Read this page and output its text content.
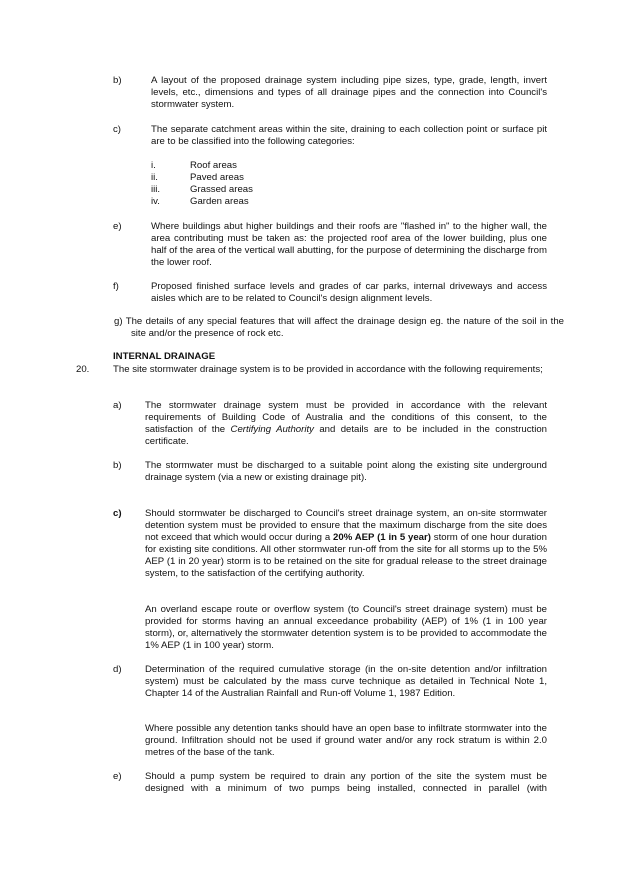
b)	A layout of the proposed drainage system including pipe sizes, type, grade, length, invert levels, etc., dimensions and types of all drainage pipes and the connection into Council's stormwater system.
c)	The separate catchment areas within the site, draining to each collection point or surface pit are to be classified into the following categories:
i.	Roof areas
ii.	Paved areas
iii.	Grassed areas
iv.	Garden areas
e)	Where buildings abut higher buildings and their roofs are "flashed in" to the higher wall, the area contributing must be taken as: the projected roof area of the lower building, plus one half of the area of the vertical wall abutting, for the purpose of determining the discharge from the lower roof.
f)	Proposed finished surface levels and grades of car parks, internal driveways and access aisles which are to be related to Council's design alignment levels.
g) The details of any special features that will affect the drainage design eg. the nature of the soil in the site and/or the presence of rock etc.
INTERNAL DRAINAGE
20. The site stormwater drainage system is to be provided in accordance with the following requirements;
a) The stormwater drainage system must be provided in accordance with the relevant requirements of Building Code of Australia and the conditions of this consent, to the satisfaction of the Certifying Authority and details are to be included in the construction certificate.
b) The stormwater must be discharged to a suitable point along the existing site underground drainage system (via a new or existing drainage pit).
c) Should stormwater be discharged to Council's street drainage system, an on-site stormwater detention system must be provided to ensure that the maximum discharge from the site does not exceed that which would occur during a 20% AEP (1 in 5 year) storm of one hour duration for existing site conditions. All other stormwater run-off from the site for all storms up to the 5% AEP (1 in 20 year) storm is to be retained on the site for gradual release to the street drainage system, to the satisfaction of the certifying authority.
An overland escape route or overflow system (to Council's street drainage system) must be provided for storms having an annual exceedance probability (AEP) of 1% (1 in 100 year storm), or, alternatively the stormwater detention system is to be provided to accommodate the 1% AEP (1 in 100 year) storm.
d) Determination of the required cumulative storage (in the on-site detention and/or infiltration system) must be calculated by the mass curve technique as detailed in Technical Note 1, Chapter 14 of the Australian Rainfall and Run-off Volume 1, 1987 Edition.
Where possible any detention tanks should have an open base to infiltrate stormwater into the ground. Infiltration should not be used if ground water and/or any rock stratum is within 2.0 metres of the base of the tank.
e) Should a pump system be required to drain any portion of the site the system must be designed with a minimum of two pumps being installed, connected in parallel (with
